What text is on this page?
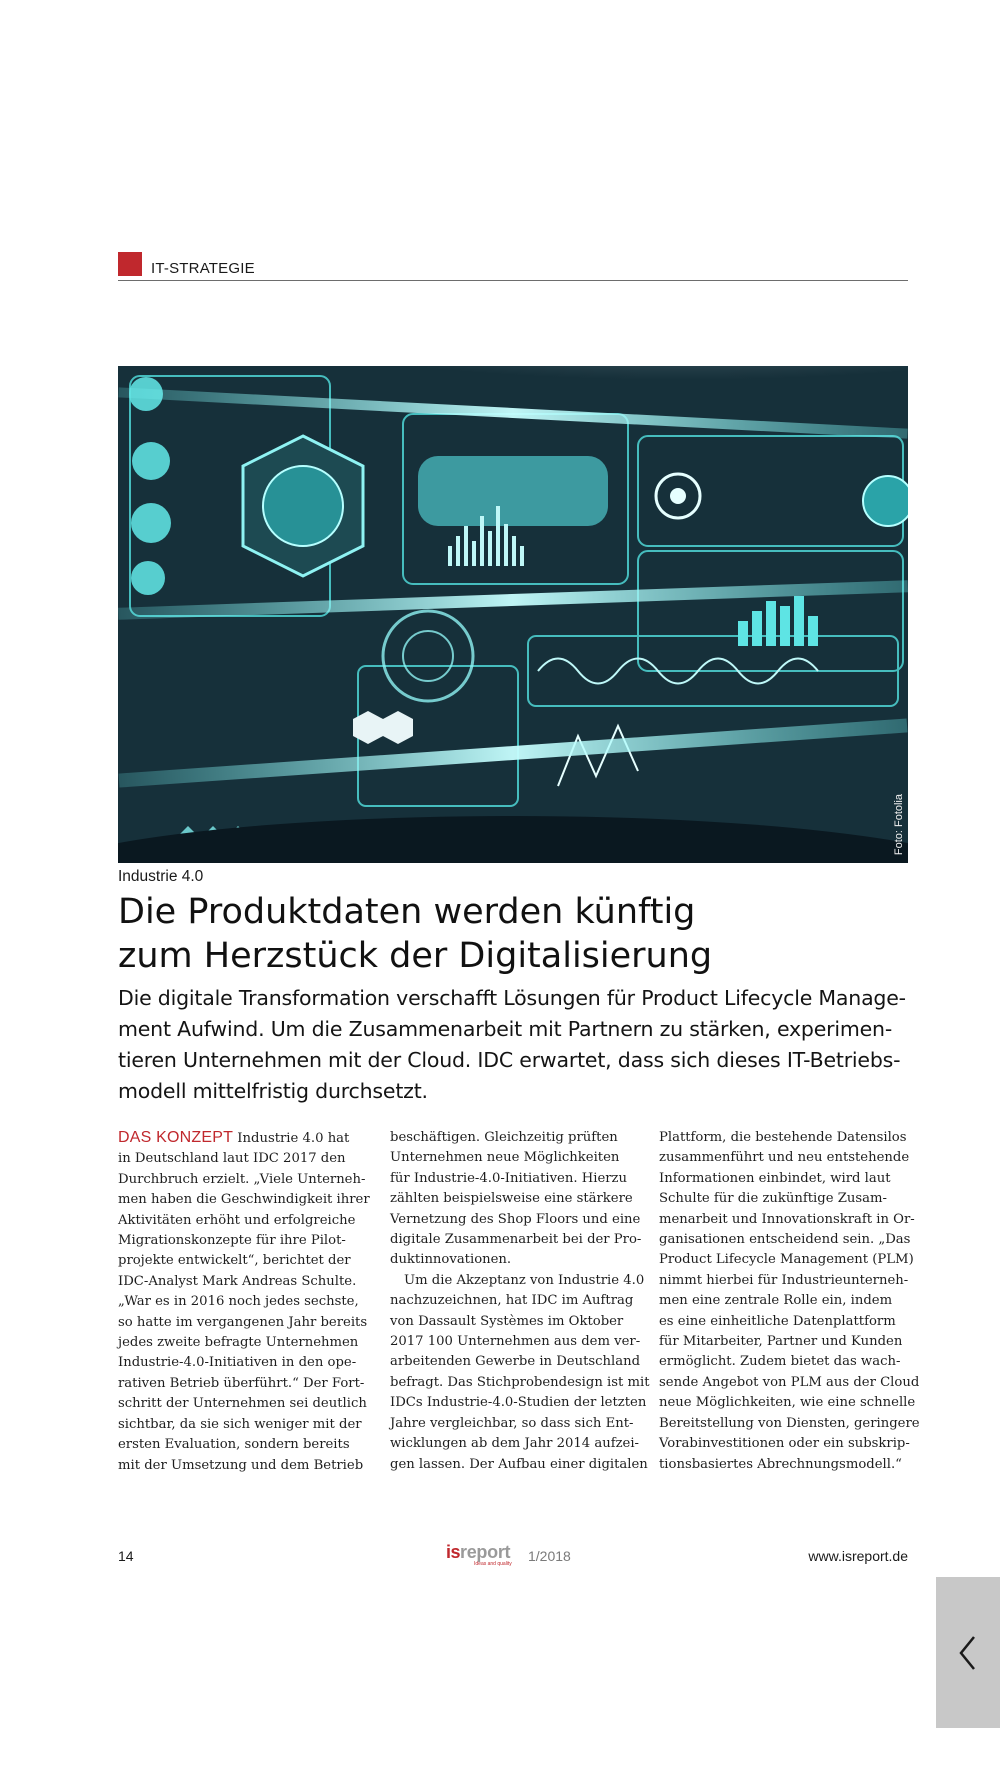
IT-STRATEGIE
Foto: Fotolia
Industrie 4.0
Die Produktdaten werden künftig
zum Herzstück der Digitalisierung

Die digitale Transformation verschafft Lösungen für Product Lifecycle Manage-
ment Aufwind. Um die Zusammenarbeit mit Partnern zu stärken, experimen-
tieren Unternehmen mit der Cloud. IDC erwartet, dass sich dieses IT-Betriebs-
modell mittelfristig durchsetzt.

DAS KONZEPT Industrie 4.0 hat
in Deutschland laut IDC 2017 den
Durchbruch erzielt. „Viele Unterneh-
men haben die Geschwindigkeit ihrer
Aktivitäten erhöht und erfolgreiche
Migrationskonzepte für ihre Pilot-
projekte entwickelt“, berichtet der
IDC-Analyst Mark Andreas Schulte.
„War es in 2016 noch jedes sechste,
so hatte im vergangenen Jahr bereits
jedes zweite befragte Unternehmen
Industrie-4.0-Initiativen in den ope-
rativen Betrieb überführt.“ Der Fort-
schritt der Unternehmen sei deutlich
sichtbar, da sie sich weniger mit der
ersten Evaluation, sondern bereits
mit der Umsetzung und dem Betrieb
beschäftigen. Gleichzeitig prüften
Unternehmen neue Möglichkeiten
für Industrie-4.0-Initiativen. Hierzu
zählten beispielsweise eine stärkere
Vernetzung des Shop Floors und eine
digitale Zusammenarbeit bei der Pro-
duktinnovationen.
Um die Akzeptanz von Industrie 4.0
nachzuzeichnen, hat IDC im Auftrag
von Dassault Systèmes im Oktober
2017 100 Unternehmen aus dem ver-
arbeitenden Gewerbe in Deutschland
befragt. Das Stichprobendesign ist mit
IDCs Industrie-4.0-Studien der letzten
Jahre vergleichbar, so dass sich Ent-
wicklungen ab dem Jahr 2014 aufzei-
gen lassen. Der Aufbau einer digitalen
Plattform, die bestehende Datensilos
zusammenführt und neu entstehende
Informationen einbindet, wird laut
Schulte für die zukünftige Zusam-
menarbeit und Innovationskraft in Or-
ganisationen entscheidend sein. „Das
Product Lifecycle Management (PLM)
nimmt hierbei für Industrieunterneh-
men eine zentrale Rolle ein, indem
es eine einheitliche Datenplattform
für Mitarbeiter, Partner und Kunden
ermöglicht. Zudem bietet das wach-
sende Angebot von PLM aus der Cloud
neue Möglichkeiten, wie eine schnelle
Bereitstellung von Diensten, geringere
Vorabinvestitionen oder ein subskrip-
tionsbasiertes Abrechnungsmodell.“
14	isreport
Ideas and quality 1/2018	www.isreport.de
